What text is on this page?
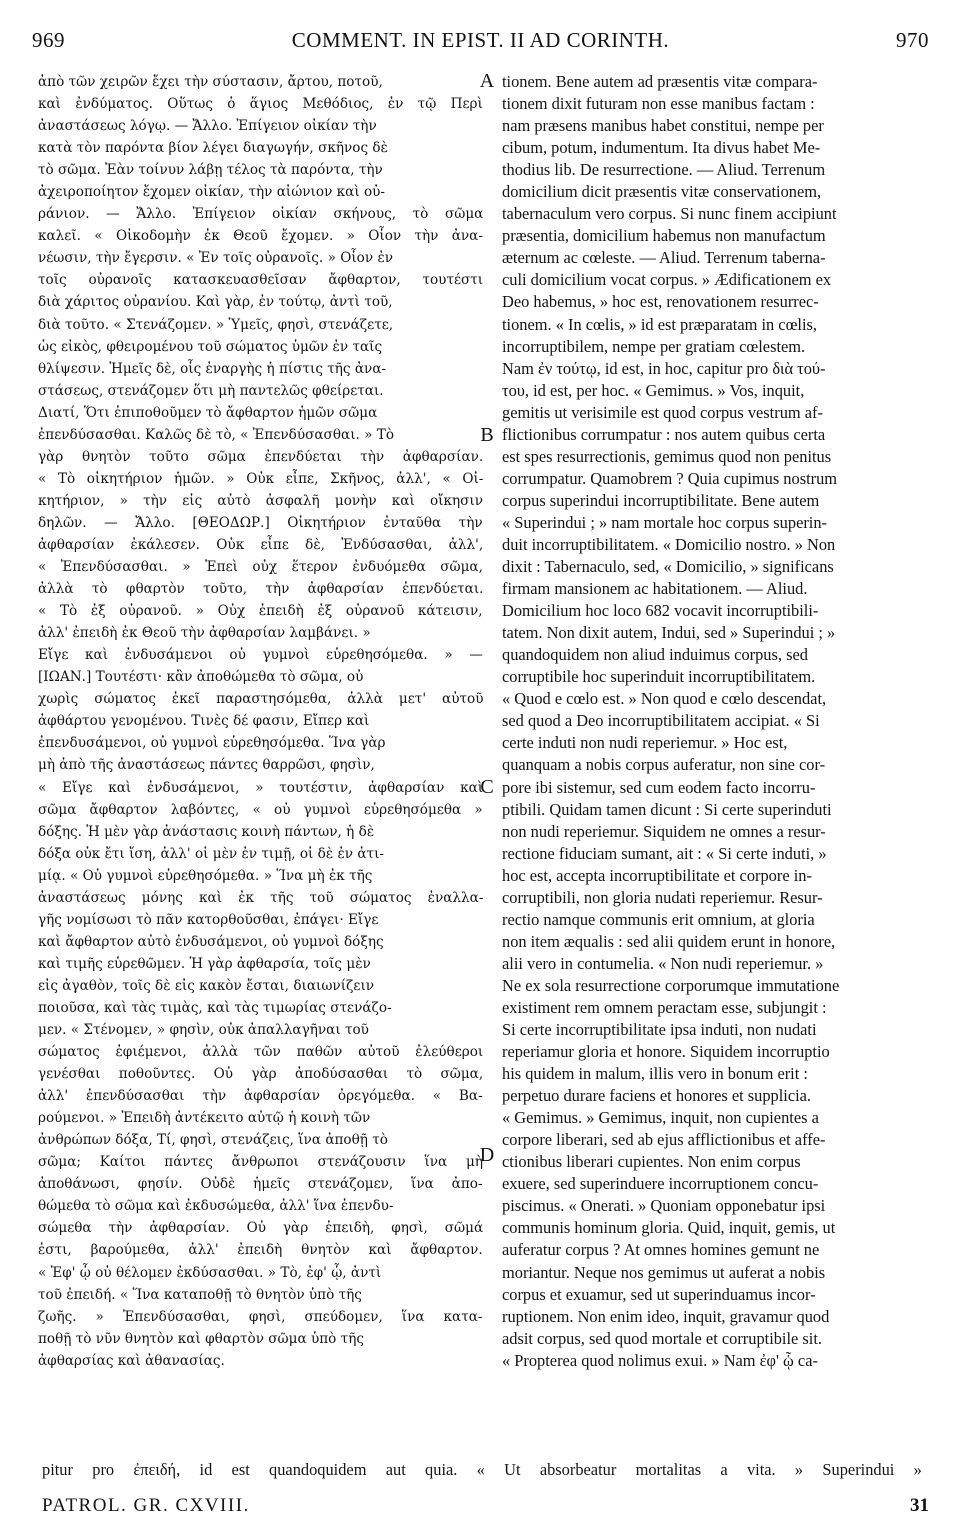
969	COMMENT. IN EPIST. II AD CORINTH.	970
ἀπὸ τῶν χειρῶν ἔχει τὴν σύστασιν, ἄρτου, ποτοῦ,
καὶ ἐνδύματος. Οὕτως ὁ ἅγιος Μεθόδιος, ἐν τῷ Περὶ
ἀναστάσεως λόγῳ. — Ἄλλο. Ἐπίγειον οἰκίαν τὴν
κατὰ τὸν παρόντα βίον λέγει διαγωγήν, σκῆνος δὲ
τὸ σῶμα. Ἐὰν τοίνυν λάβῃ τέλος τὰ παρόντα, τὴν
ἀχειροποίητον ἔχομεν οἰκίαν, τὴν αἰώνιον καὶ οὐ-
ράνιον. — Ἄλλο. Ἐπίγειον οἰκίαν σκήνους, τὸ σῶμα
καλεῖ. « Οἰκοδομὴν ἐκ Θεοῦ ἔχομεν. » Οἷον τὴν ἀνα-
νέωσιν, τὴν ἔγερσιν. « Ἐν τοῖς οὐρανοῖς. » Οἷον ἐν
τοῖς οὐρανοῖς κατασκευασθεῖσαν ἄφθαρτον, τουτέστι
διὰ χάριτος οὐρανίου. Καὶ γὰρ, ἐν τούτῳ, ἀντὶ τοῦ,
διὰ τοῦτο. « Στενάζομεν. » Ὑμεῖς, φησὶ, στενάζετε,
ὡς εἰκὸς, φθειρομένου τοῦ σώματος ὑμῶν ἐν ταῖς
θλίψεσιν. Ἡμεῖς δὲ, οἷς ἐναργὴς ἡ πίστις τῆς ἀνα-
στάσεως, στενάζομεν ὅτι μὴ παντελῶς φθείρεται.
Διατί, Ὅτι ἐπιποθοῦμεν τὸ ἄφθαρτον ἡμῶν σῶμα
ἐπενδύσασθαι. Καλῶς δὲ τὸ, « Ἐπενδύσασθαι. » Τὸ
γὰρ θνητὸν τοῦτο σῶμα ἐπενδύεται τὴν ἀφθαρσίαν.
« Τὸ οἰκητήριον ἡμῶν. » Οὐκ εἶπε, Σκῆνος, ἀλλ', « Οἰ-
κητήριον, » τὴν εἰς αὐτὸ ἀσφαλῆ μονὴν καὶ οἴκησιν
δηλῶν. — Ἄλλο. [ΘΕΟΔΩΡ.] Οἰκητήριον ἐνταῦθα τὴν
ἀφθαρσίαν ἐκάλεσεν. Οὐκ εἶπε δὲ, Ἐνδύσασθαι, ἀλλ',
« Ἐπενδύσασθαι. » Ἐπεὶ οὐχ ἕτερον ἐνδυόμεθα σῶμα,
ἀλλὰ τὸ φθαρτὸν τοῦτο, τὴν ἀφθαρσίαν ἐπενδύεται.
« Τὸ ἐξ οὐρανοῦ. » Οὐχ ἐπειδὴ ἐξ οὐρανοῦ κάτεισιν,
ἀλλ' ἐπειδὴ ἐκ Θεοῦ τὴν ἀφθαρσίαν λαμβάνει. »
Εἴγε καὶ ἐνδυσάμενοι οὐ γυμνοὶ εὑρεθησόμεθα. » —
[ΙΩΑΝ.] Τουτέστι· κἂν ἀποθώμεθα τὸ σῶμα, οὐ
χωρὶς σώματος ἐκεῖ παραστησόμεθα, ἀλλὰ μετ' αὐτοῦ
ἀφθάρτου γενομένου. Τινὲς δέ φασιν, Εἴπερ καὶ
ἐπενδυσάμενοι, οὐ γυμνοὶ εὑρεθησόμεθα. Ἵνα γὰρ
μὴ ἀπὸ τῆς ἀναστάσεως πάντες θαρρῶσι, φησὶν,
« Εἴγε καὶ ἐνδυσάμενοι, » τουτέστιν, ἀφθαρσίαν καὶ
σῶμα ἄφθαρτον λαβόντες, « οὐ γυμνοὶ εὑρεθησόμεθα »
δόξης. Ἡ μὲν γὰρ ἀνάστασις κοινὴ πάντων, ἡ δὲ
δόξα οὐκ ἔτι ἴση, ἀλλ' οἱ μὲν ἐν τιμῇ, οἱ δὲ ἐν ἀτι-
μίᾳ. « Οὐ γυμνοὶ εὑρεθησόμεθα. » Ἵνα μὴ ἐκ τῆς
ἀναστάσεως μόνης καὶ ἐκ τῆς τοῦ σώματος ἐναλλα-
γῆς νομίσωσι τὸ πᾶν κατορθοῦσθαι, ἐπάγει· Εἴγε
καὶ ἄφθαρτον αὐτὸ ἐνδυσάμενοι, οὐ γυμνοὶ δόξης
καὶ τιμῆς εὑρεθῶμεν. Ἡ γὰρ ἀφθαρσία, τοῖς μὲν
εἰς ἀγαθὸν, τοῖς δὲ εἰς κακὸν ἔσται, διαιωνίζειν
ποιοῦσα, καὶ τὰς τιμὰς, καὶ τὰς τιμωρίας στενάζο-
μεν. « Στένομεν, » φησὶν, οὐκ ἀπαλλαγῆναι τοῦ
σώματος ἐφιέμενοι, ἀλλὰ τῶν παθῶν αὐτοῦ ἐλεύθεροι
γενέσθαι ποθοῦντες. Οὐ γὰρ ἀποδύσασθαι τὸ σῶμα,
ἀλλ' ἐπενδύσασθαι τὴν ἀφθαρσίαν ὀρεγόμεθα. « Βα-
ρούμενοι. » Ἐπειδὴ ἀντέκειτο αὐτῷ ἡ κοινὴ τῶν
ἀνθρώπων δόξα, Τί, φησὶ, στενάζεις, ἵνα ἀποθῇ τὸ
σῶμα; Καίτοι πάντες ἄνθρωποι στενάζουσιν ἵνα μὴ
ἀποθάνωσι, φησίν. Οὐδὲ ἡμεῖς στενάζομεν, ἵνα ἀπο-
θώμεθα τὸ σῶμα καὶ ἐκδυσώμεθα, ἀλλ' ἵνα ἐπενδυ-
σώμεθα τὴν ἀφθαρσίαν. Οὐ γὰρ ἐπειδὴ, φησὶ, σῶμά
ἐστι, βαρούμεθα, ἀλλ' ἐπειδὴ θνητὸν καὶ ἄφθαρτον.
« Ἐφ' ᾧ οὐ θέλομεν ἐκδύσασθαι. » Τὸ, ἐφ' ᾧ, ἀντὶ
τοῦ ἐπειδή. « Ἵνα καταποθῇ τὸ θνητὸν ὑπὸ τῆς
ζωῆς. » Ἐπενδύσασθαι, φησὶ, σπεύδομεν, ἵνα κατα-
ποθῇ τὸ νῦν θνητὸν καὶ φθαρτὸν σῶμα ὑπὸ τῆς
ἀφθαρσίας καὶ ἀθανασίας.
tionem. Bene autem ad præsentis vitæ compara-
tionem dixit futuram non esse manibus factam :
nam præsens manibus habet constitui, nempe per
cibum, potum, indumentum. Ita divus habet Me-
thodius lib. De resurrectione. — Aliud. Terrenum
domicilium dicit præsentis vitæ conservationem,
tabernaculum vero corpus. Si nunc finem accipiunt
præsentia, domicilium habemus non manufactum
æternum ac cœleste. — Aliud. Terrenum taberna-
culi domicilium vocat corpus. » Ædificationem ex
Deo habemus, » hoc est, renovationem resurrec-
tionem. « In cœlis, » id est præparatam in cœlis,
incorruptibilem, nempe per gratiam cœlestem.
Nam ἐν τούτῳ, id est, in hoc, capitur pro διὰ τού-
του, id est, per hoc. « Gemimus. » Vos, inquit,
gemitis ut verisimile est quod corpus vestrum af-
flictionibus corrumpatur : nos autem quibus certa
est spes resurrectionis, gemimus quod non penitus
corrumpatur. Quamobrem ? Quia cupimus nostrum
corpus superindui incorruptibilitate. Bene autem
« Superindui ; » nam mortale hoc corpus superin-
duit incorruptibilitatem. « Domicilio nostro. » Non
dixit : Tabernaculo, sed, « Domicilio, » significans
firmam mansionem ac habitationem. — Aliud.
Domicilium hoc loco 682 vocavit incorruptibili-
tatem. Non dixit autem, Indui, sed » Superindui ; »
quandoquidem non aliud induimus corpus, sed
corruptibile hoc superinduit incorruptibilitatem.
« Quod e cœlo est. » Non quod e cœlo descendat,
sed quod a Deo incorruptibilitatem accipiat. « Si
certe induti non nudi reperiemur. » Hoc est,
quanquam a nobis corpus auferatur, non sine cor-
pore ibi sistemur, sed cum eodem facto incorru-
ptibili. Quidam tamen dicunt : Si certe superinduti
non nudi reperiemur. Siquidem ne omnes a resur-
rectione fiduciam sumant, ait : « Si certe induti, »
hoc est, accepta incorruptibilitate et corpore in-
corruptibili, non gloria nudati reperiemur. Resur-
rectio namque communis erit omnium, at gloria
non item æqualis : sed alii quidem erunt in honore,
alii vero in contumelia. « Non nudi reperiemur. »
Ne ex sola resurrectione corporumque immutatione
existiment rem omnem peractam esse, subjungit :
Si certe incorruptibilitate ipsa induti, non nudati
reperiamur gloria et honore. Siquidem incorruptio
his quidem in malum, illis vero in bonum erit :
perpetuo durare faciens et honores et supplicia.
« Gemimus. » Gemimus, inquit, non cupientes a
corpore liberari, sed ab ejus afflictionibus et affe-
ctionibus liberari cupientes. Non enim corpus
exuere, sed superinduere incorruptionem concu-
piscimus. « Onerati. » Quoniam opponebatur ipsi
communis hominum gloria. Quid, inquit, gemis, ut
auferatur corpus ? At omnes homines gemunt ne
moriantur. Neque nos gemimus ut auferat a nobis
corpus et exuamur, sed ut superinduamus incor-
ruptionem. Non enim ideo, inquit, gravamur quod
adsit corpus, sed quod mortale et corruptibile sit.
« Propterea quod nolimus exui. » Nam ἐφ' ᾧ ca-
A
B
C
D
pitur pro ἐπειδή, id est quandoquidem aut quia. « Ut absorbeatur mortalitas a vita. » Superindui »
PATROL. GR. CXVIII.	31
